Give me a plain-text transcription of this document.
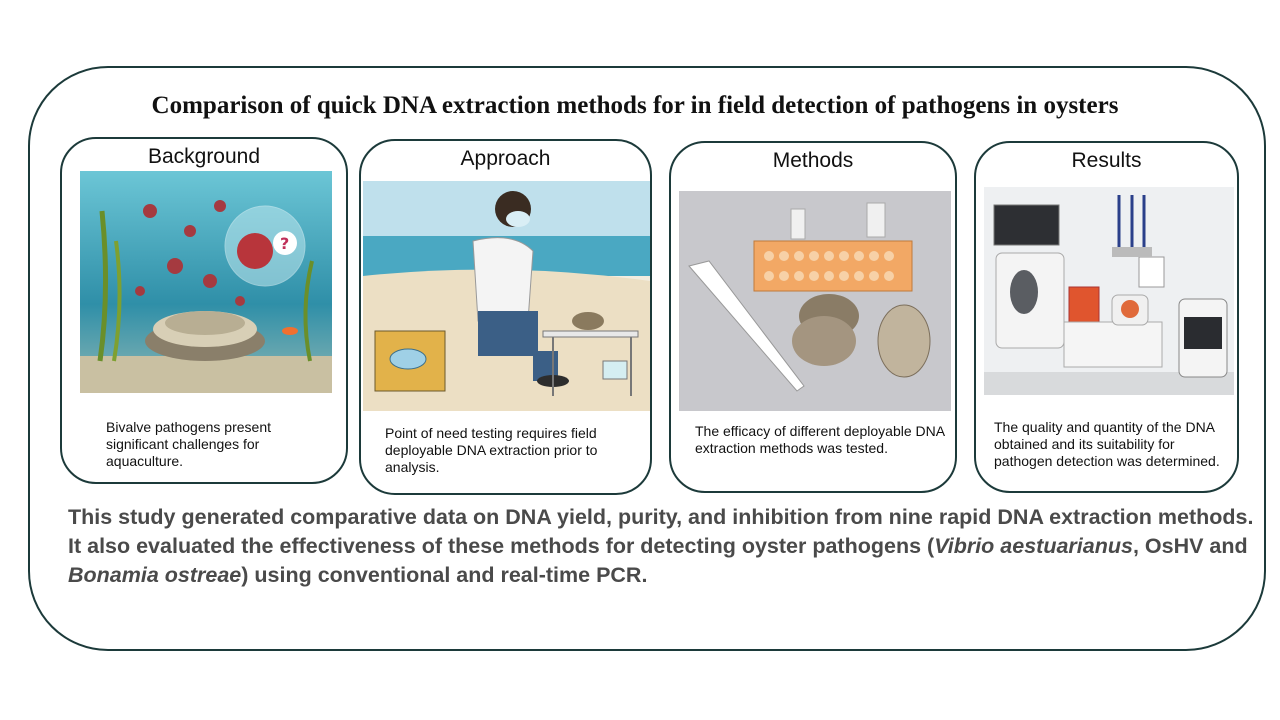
Comparison of quick DNA extraction methods for in field detection of pathogens in oysters
Background
?
Bivalve pathogens present significant challenges for aquaculture.
Approach
Point of need testing requires field deployable DNA extraction prior to analysis.
Methods
The efficacy of different deployable DNA extraction methods was tested.
Results
The quality and quantity of the DNA obtained and its suitability for pathogen detection was determined.
This study generated comparative data on DNA yield, purity, and inhibition from nine rapid DNA extraction methods. It also evaluated the effectiveness of these methods for detecting oyster pathogens (Vibrio aestuarianus, OsHV and Bonamia ostreae) using conventional and real-time PCR.
